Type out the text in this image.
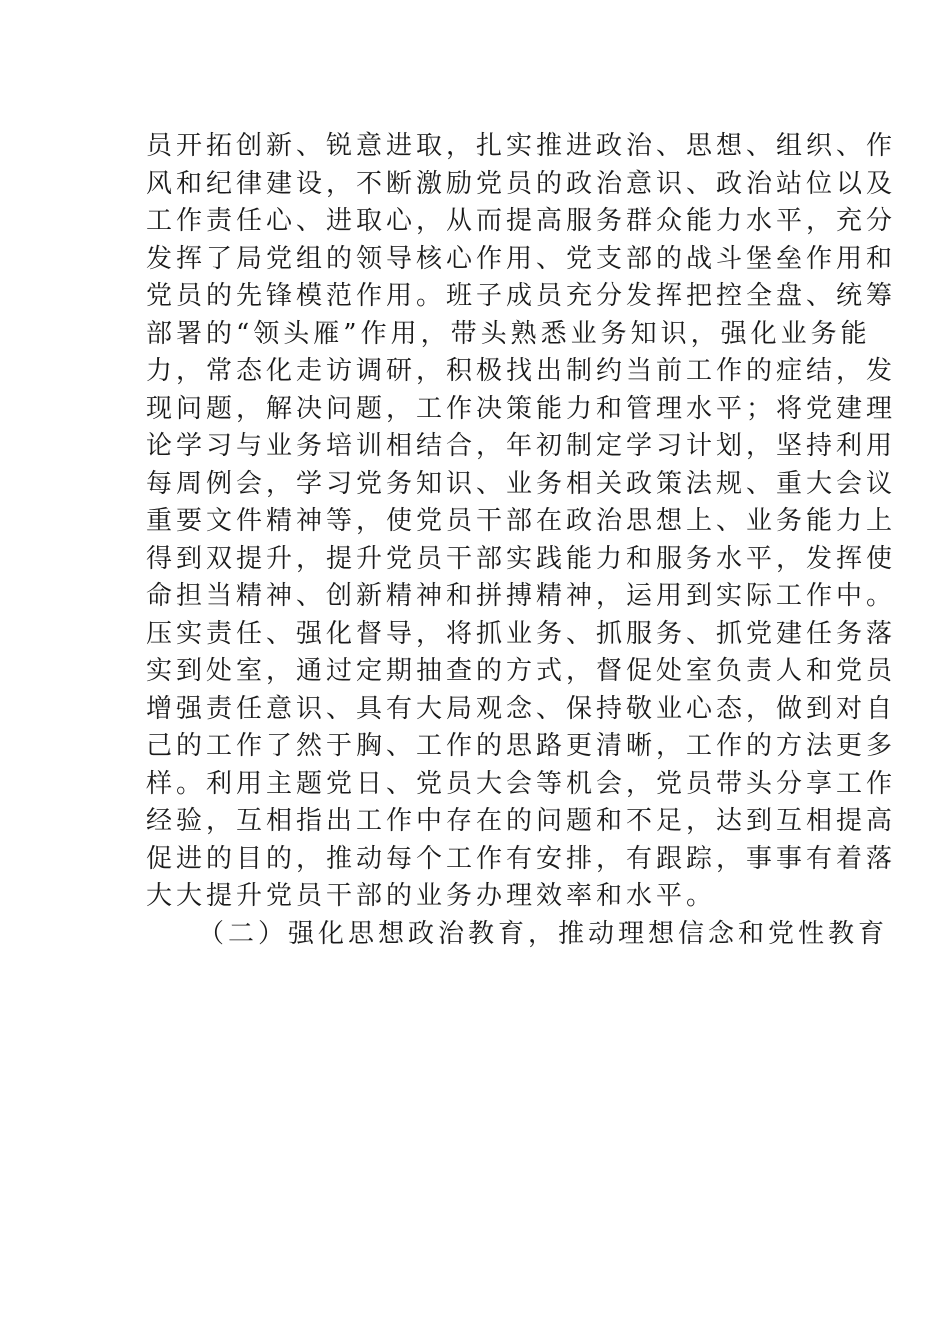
员开拓创新、锐意进取，扎实推进政治、思想、组织、作
风和纪律建设，不断激励党员的政治意识、政治站位以及
工作责任心、进取心，从而提高服务群众能力水平，充分
发挥了局党组的领导核心作用、党支部的战斗堡垒作用和
党员的先锋模范作用。班子成员充分发挥把控全盘、统筹
部署的“领头雁”作用，带头熟悉业务知识，强化业务能
力，常态化走访调研，积极找出制约当前工作的症结，发
现问题，解决问题，工作决策能力和管理水平；将党建理
论学习与业务培训相结合，年初制定学习计划，坚持利用
每周例会，学习党务知识、业务相关政策法规、重大会议
重要文件精神等，使党员干部在政治思想上、业务能力上
得到双提升，提升党员干部实践能力和服务水平，发挥使
命担当精神、创新精神和拼搏精神，运用到实际工作中。
压实责任、强化督导，将抓业务、抓服务、抓党建任务落
实到处室，通过定期抽查的方式，督促处室负责人和党员
增强责任意识、具有大局观念、保持敬业心态，做到对自
己的工作了然于胸、工作的思路更清晰，工作的方法更多
样。利用主题党日、党员大会等机会，党员带头分享工作
经验，互相指出工作中存在的问题和不足，达到互相提高
促进的目的，推动每个工作有安排，有跟踪，事事有着落
大大提升党员干部的业务办理效率和水平。
（二）强化思想政治教育，推动理想信念和党性教育
